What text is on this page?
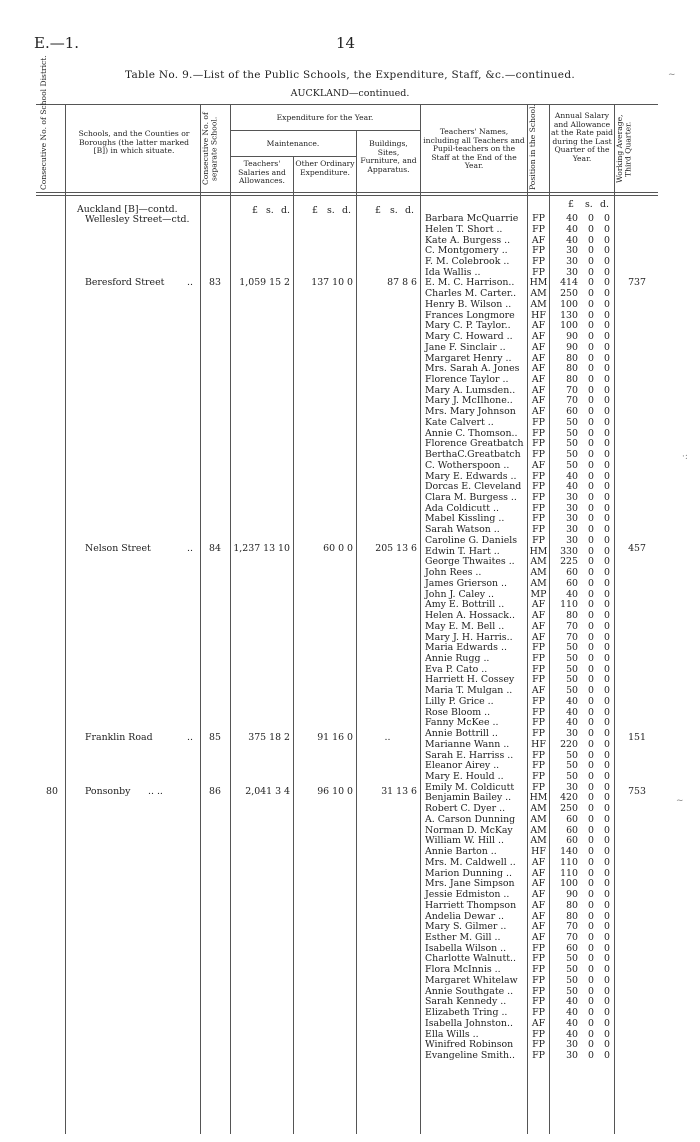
E.—1.	14
Table No. 9.—List of the Public Schools, the Expenditure, Staff, &c.—continued.
AUCKLAND—continued.
Consecutive No. of School District.	Schools, and the Counties or Boroughs (the latter marked [B]) in which situate.	Consecutive No. of separate School.	Expenditure for the Year.
Maintenance.
Teachers' Salaries and Allowances.
Other Ordinary Expenditure.
Buildings, Sites, Furniture, and Apparatus.
Teachers' Names, including all Teachers and Pupil-teachers on the Staff at the End of the Year.	Position in the School.	Annual Salary and Allowance at the Rate paid during the Last Quarter of the Year.	Working Average, Third Quarter.
£ s. d. £ s. d.	£ s. d.
£ s. d.
Auckland [B]—contd.
Wellesley Street—ctd.
Beresford Street ..	83	1,059 15 2	137 10 0	87 8 6	737
Nelson Street	..	84	1,237 13 10	60 0 0	205 13 6	457
Franklin Road	..	85	375 18 2	91 16 0	..	151
80	Ponsonby .. ..	86	2,041 3 4	96 10 0	31 13 6	753
Barbara McQuarrie	FP	40	0	0
Helen T. Short ..	FP	40	0	0
Kate A. Burgess ..	AF	40	0	0
C. Montgomery ..	FP	30	0	0
F. M. Colebrook ..	FP	30	0	0
Ida Wallis ..	FP	30	0	0
E. M. C. Harrison..	HM	414	0	0
Charles M. Carter..	AM	250	0	0
Henry B. Wilson ..	AM	100	0	0
Frances Longmore	HF	130	0	0
Mary C. P. Taylor..	AF	100	0	0
Mary C. Howard ..	AF	90	0	0
Jane F. Sinclair ..	AF	90	0	0
Margaret Henry ..	AF	80	0	0
Mrs. Sarah A. Jones	AF	80	0	0
Florence Taylor ..	AF	80	0	0
Mary A. Lumsden..	AF	70	0	0
Mary J. McIlhone..	AF	70	0	0
Mrs. Mary Johnson	AF	60	0	0
Kate Calvert ..	FP	50	0	0
Annie C. Thomson..	FP	50	0	0
Florence Greatbatch FP	50	0	0
BerthaC.Greatbatch	FP	50	0	0
C. Wotherspoon ..	AF	50	0	0
Mary E. Edwards ..	FP	40	0	0
Dorcas E. Cleveland	FP	40	0	0
Clara M. Burgess ..	FP	30	0	0
Ada Coldicutt ..	FP	30	0	0
Mabel Kissling ..	FP	30	0	0
Sarah Watson ..	FP	30	0	0
Caroline G. Daniels	FP	30	0	0
Edwin T. Hart ..	HM	330	0	0
George Thwaites ..	AM	225	0	0
John Rees ..	AM	60	0	0
James Grierson ..	AM	60	0	0
John J. Caley ..	MP	40	0	0
Amy E. Bottrill ..	AF	110	0	0
Helen A. Hossack..	AF	80	0	0
May E. M. Bell ..	AF	70	0	0
Mary J. H. Harris..	AF	70	0	0
Maria Edwards ..	FP	50	0	0
Annie Rugg ..	FP	50	0	0
Eva P. Cato ..	FP	50	0	0
Harriett H. Cossey	FP	50	0	0
Maria T. Mulgan ..	AF	50	0	0
Lilly P. Grice ..	FP	40	0	0
Rose Bloom ..	FP	40	0	0
Fanny McKee ..	FP	40	0	0
Annie Bottrill ..	FP	30	0	0
Marianne Wann ..	HF	220	0	0
Sarah E. Harriss ..	FP	50	0	0
Eleanor Airey ..	FP	50	0	0
Mary E. Hould ..	FP	50	0	0
Emily M. Coldicutt	FP	30	0	0
Benjamin Bailey ..	HM	420	0	0
Robert C. Dyer ..	AM	250	0	0
A. Carson Dunning	AM	60	0	0
Norman D. McKay	AM	60	0	0
William W. Hill ..	AM	60	0	0
Annie Barton ..	HF	140	0	0
Mrs. M. Caldwell ..	AF	110	0	0
Marion Dunning ..	AF	110	0	0
Mrs. Jane Simpson	AF	100	0	0
Jessie Edmiston ..	AF	90	0	0
Harriett Thompson	AF	80	0	0
Andelia Dewar ..	AF	80	0	0
Mary S. Gilmer ..	AF	70	0	0
Esther M. Gill ..	AF	70	0	0
Isabella Wilson ..	FP	60	0	0
Charlotte Walnutt..	FP	50	0	0
Flora McInnis ..	FP	50	0	0
Margaret Whitelaw	FP	50	0	0
Annie Southgate ..	FP	50	0	0
Sarah Kennedy ..	FP	40	0	0
Elizabeth Tring ..	FP	40	0	0
Isabella Johnston..	AF	40	0	0
Ella Wills ..	FP	40	0	0
Winifred Robinson	FP	30	0	0
Evangeline Smith..	FP	30	0	0
~
·:
~
